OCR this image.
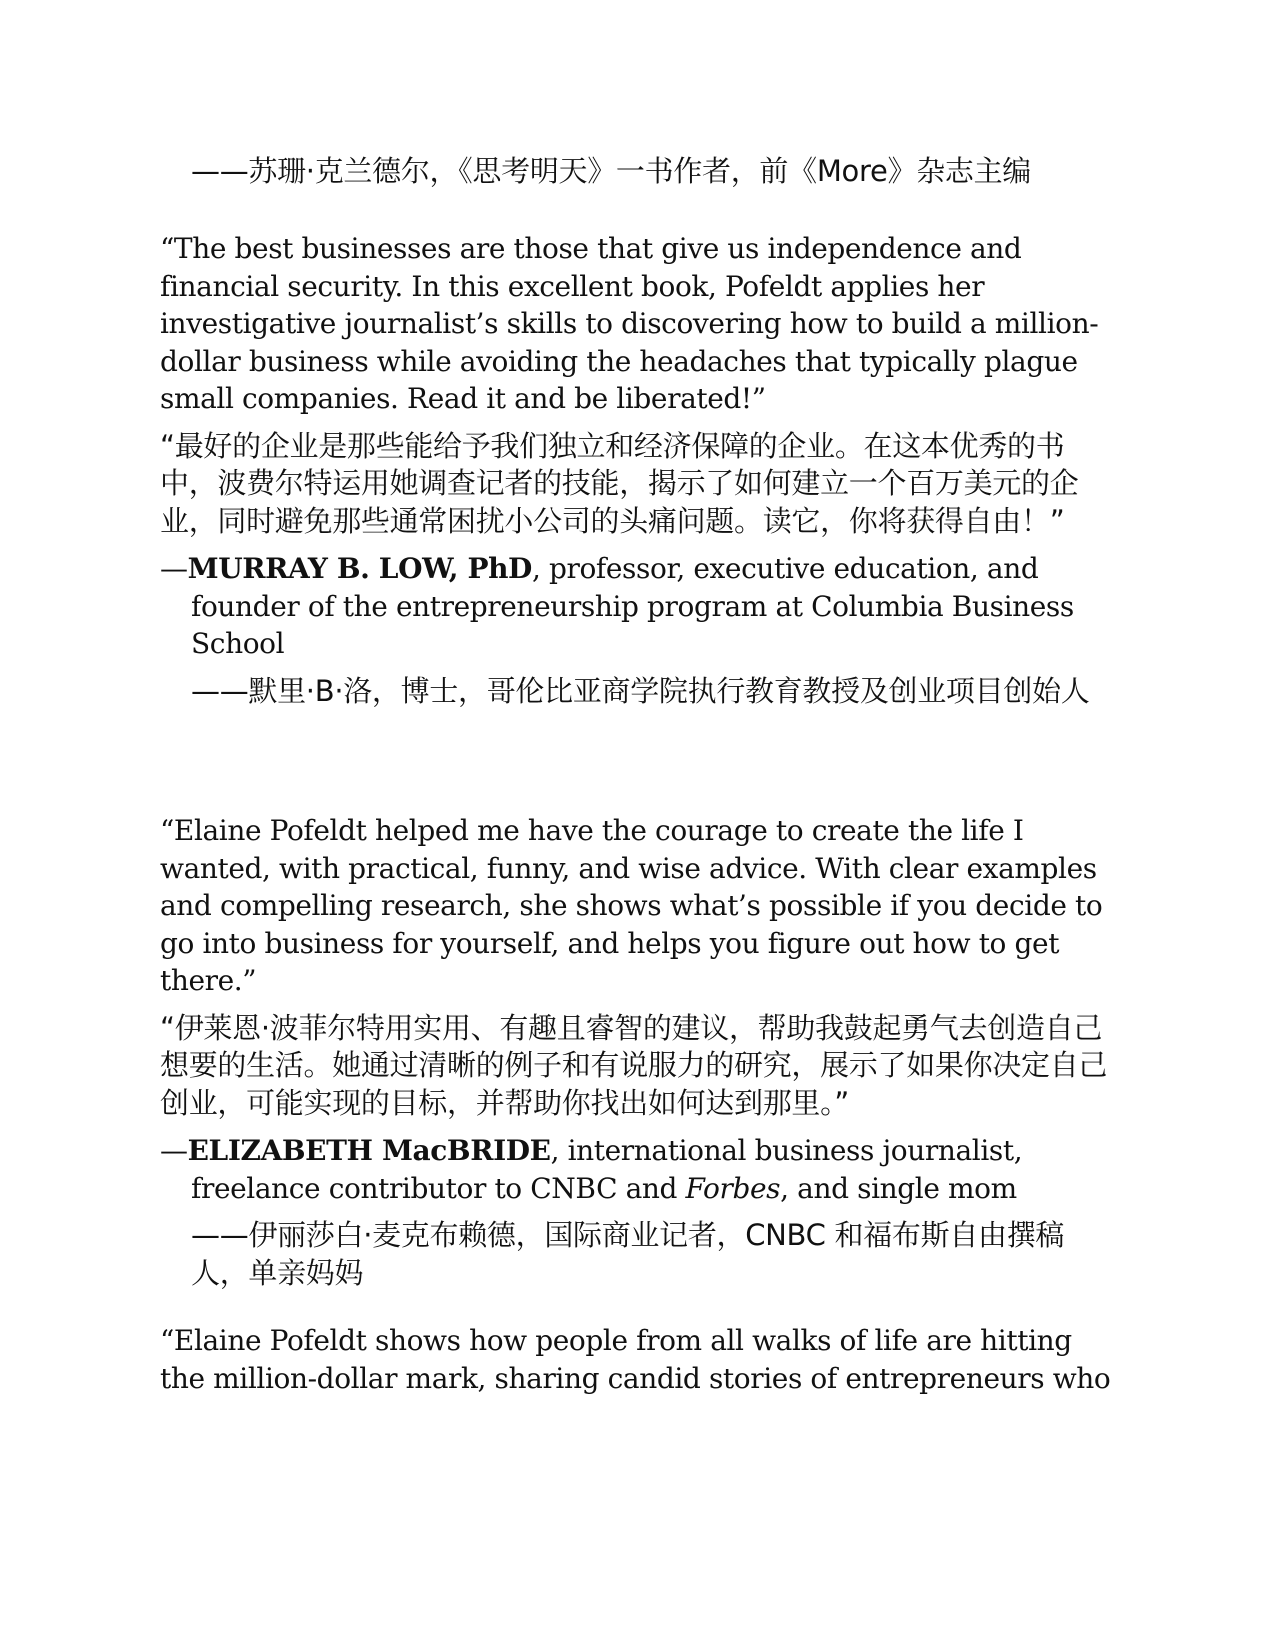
——苏珊·克兰德尔，《思考明天》一书作者，前《More》杂志主编

“The best businesses are those that give us independence and financial security. In this excellent book, Pofeldt applies her investigative journalist’s skills to discovering how to build a million-dollar business while avoiding the headaches that typically plague small companies. Read it and be liberated!”

“最好的企业是那些能给予我们独立和经济保障的企业。在这本优秀的书中，波费尔特运用她调查记者的技能，揭示了如何建立一个百万美元的企业，同时避免那些通常困扰小公司的头痛问题。读它，你将获得自由！”

—MURRAY B. LOW, PhD, professor, executive education, and founder of the entrepreneurship program at Columbia Business School

——默里·B·洛，博士，哥伦比亚商学院执行教育教授及创业项目创始人

“Elaine Pofeldt helped me have the courage to create the life I wanted, with practical, funny, and wise advice. With clear examples and compelling research, she shows what’s possible if you decide to go into business for yourself, and helps you figure out how to get there.”

“伊莱恩·波菲尔特用实用、有趣且睿智的建议，帮助我鼓起勇气去创造自己想要的生活。她通过清晰的例子和有说服力的研究，展示了如果你决定自己创业，可能实现的目标，并帮助你找出如何达到那里。”

—ELIZABETH MacBRIDE, international business journalist, freelance contributor to CNBC and Forbes, and single mom

——伊丽莎白·麦克布赖德，国际商业记者，CNBC 和福布斯自由撰稿人，单亲妈妈

“Elaine Pofeldt shows how people from all walks of life are hitting the million-dollar mark, sharing candid stories of entrepreneurs who
